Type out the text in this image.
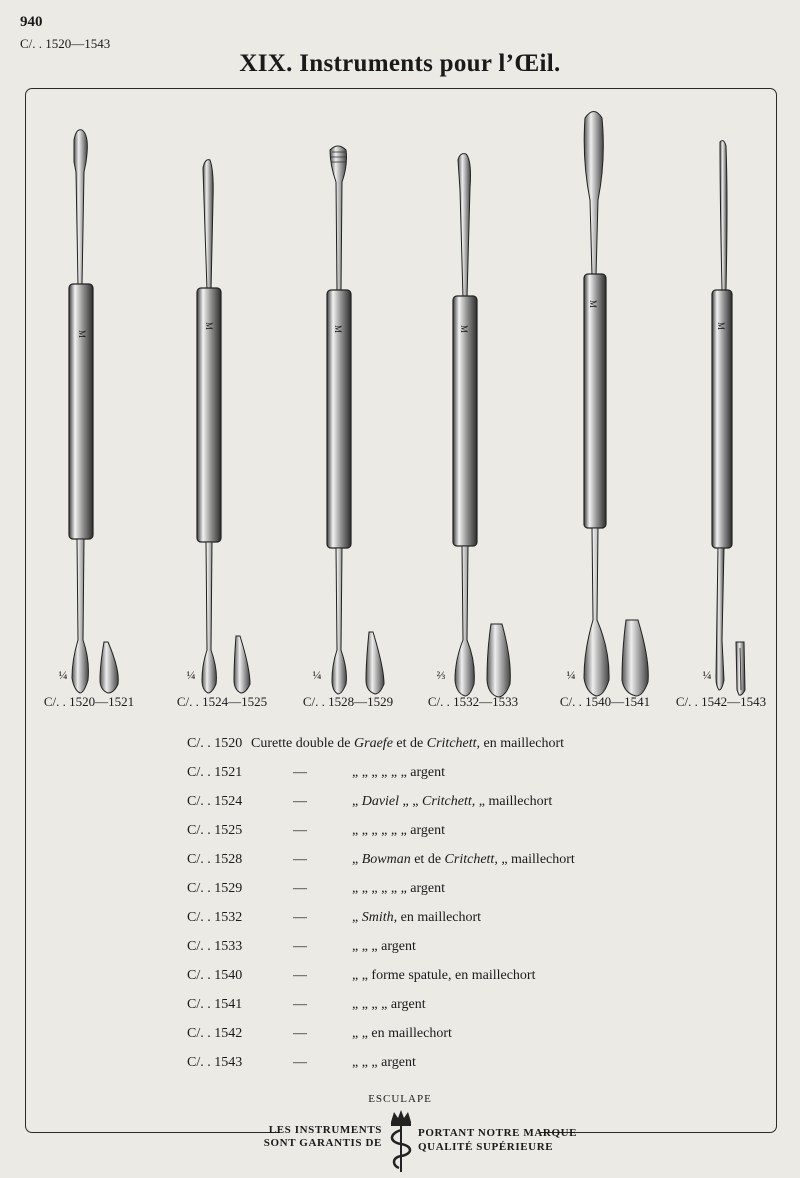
940
C/. . 1520—1543
XIX. Instruments pour l’Œil.
M
M	M	M
M
M
¼	¼	¼	⅔	¼	¼
C/. . 1520—1521	C/. . 1524—1525	C/. . 1528—1529	C/. . 1532—1533	C/. . 1540—1541	C/. . 1542—1543
C/. . 1520 Curette double de Graefe et de Critchett, en maillechort
C/. . 1521	—	„ „ „ „ „ „ argent
C/. . 1524	—	„ Daviel „ „ Critchett, „ maillechort
C/. . 1525	—	„ „ „ „ „ „ argent
C/. . 1528	—	„ Bowman et de Critchett, „ maillechort
C/. . 1529	—	„ „ „ „ „ „ argent
C/. . 1532	—	„ Smith, en maillechort
C/. . 1533	—	„ „ „ argent
C/. . 1540	—	„ „ forme spatule, en maillechort
C/. . 1541	—	„ „ „ „ argent
C/. . 1542	—	„ „ en maillechort
C/. . 1543	—	„ „ „ argent
ESCULAPE
LES INSTRUMENTS	PORTANT NOTRE MARQUE
SONT GARANTIS DE	QUALITÉ SUPÉRIEURE
